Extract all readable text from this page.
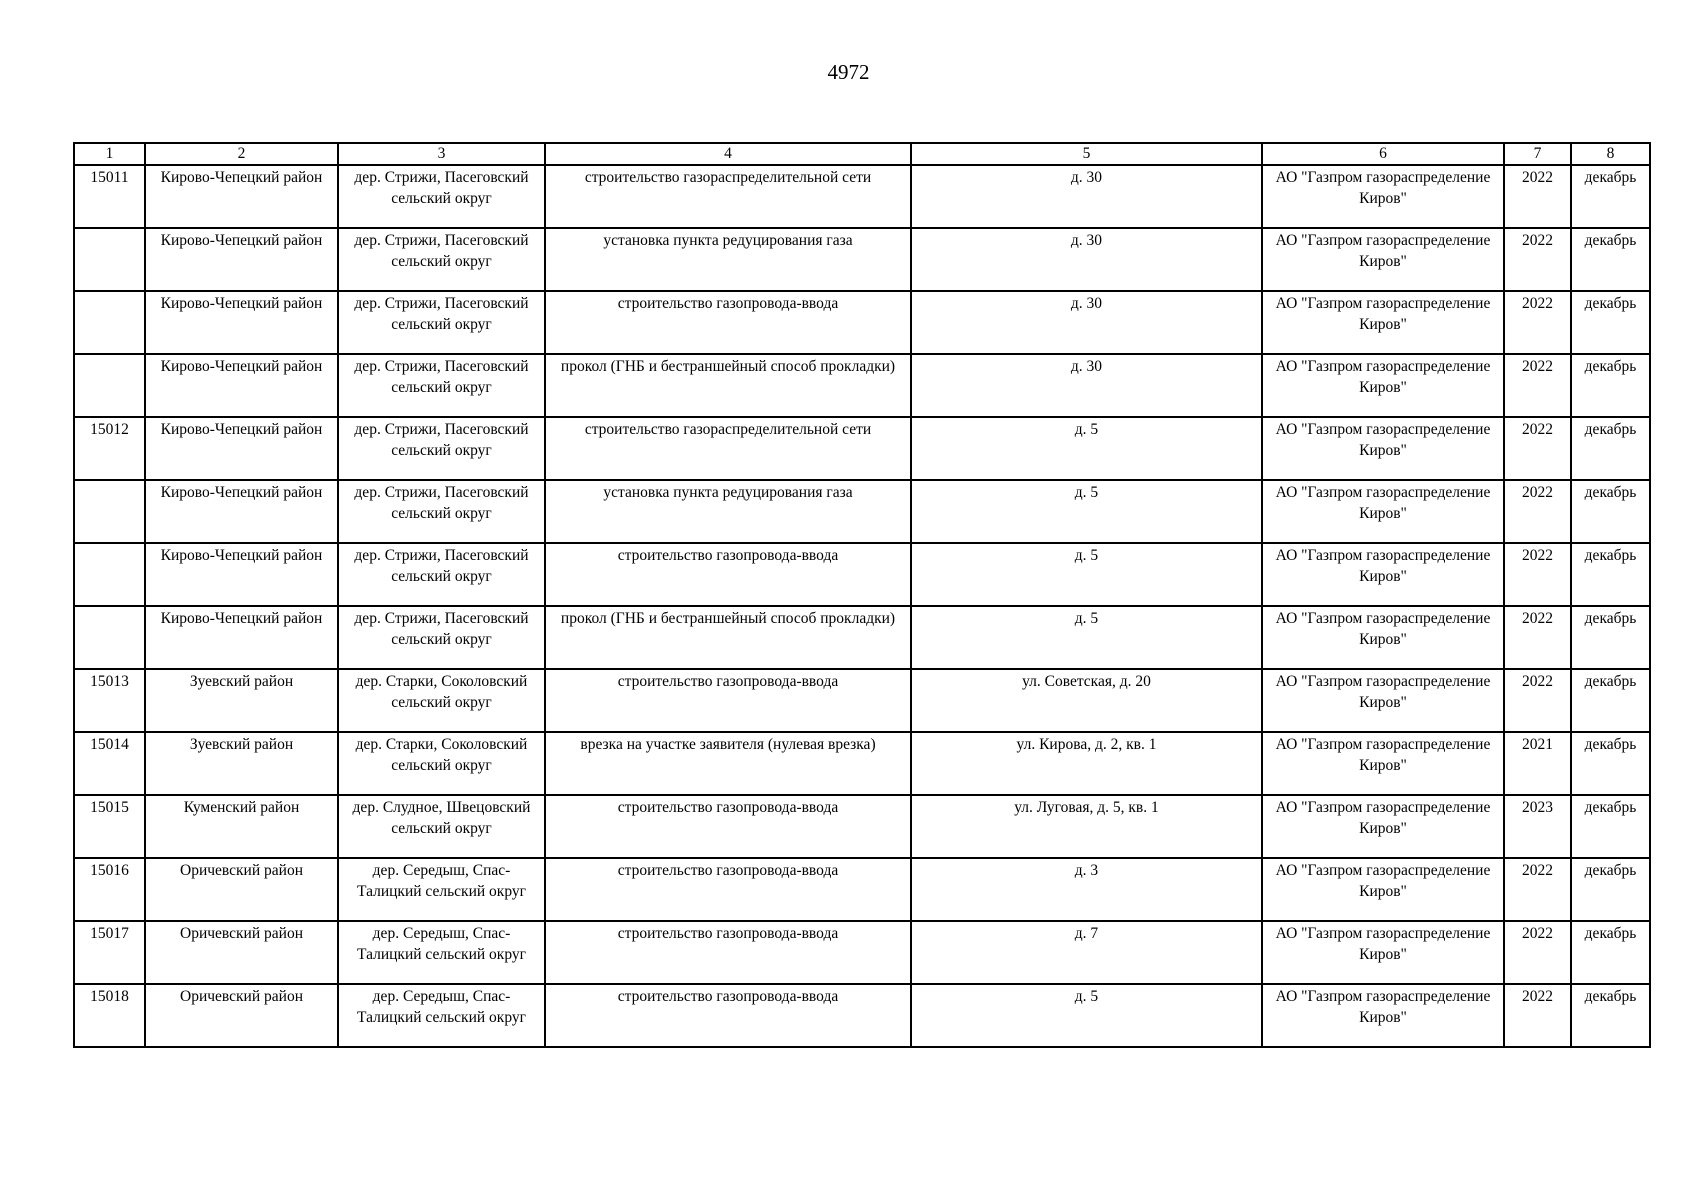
4972
1	2	3	4	5	6	7	8
15011	Кирово-Чепецкий район	дер. Стрижи, Пасеговский сельский округ	строительство газораспределительной сети	д. 30	АО "Газпром газораспределение Киров"	2022	декабрь
	Кирово-Чепецкий район	дер. Стрижи, Пасеговский сельский округ	установка пункта редуцирования газа	д. 30	АО "Газпром газораспределение Киров"	2022	декабрь
	Кирово-Чепецкий район	дер. Стрижи, Пасеговский сельский округ	строительство газопровода-ввода	д. 30	АО "Газпром газораспределение Киров"	2022	декабрь
	Кирово-Чепецкий район	дер. Стрижи, Пасеговский сельский округ	прокол (ГНБ и бестраншейный способ прокладки)	д. 30	АО "Газпром газораспределение Киров"	2022	декабрь
15012	Кирово-Чепецкий район	дер. Стрижи, Пасеговский сельский округ	строительство газораспределительной сети	д. 5	АО "Газпром газораспределение Киров"	2022	декабрь
	Кирово-Чепецкий район	дер. Стрижи, Пасеговский сельский округ	установка пункта редуцирования газа	д. 5	АО "Газпром газораспределение Киров"	2022	декабрь
	Кирово-Чепецкий район	дер. Стрижи, Пасеговский сельский округ	строительство газопровода-ввода	д. 5	АО "Газпром газораспределение Киров"	2022	декабрь
	Кирово-Чепецкий район	дер. Стрижи, Пасеговский сельский округ	прокол (ГНБ и бестраншейный способ прокладки)	д. 5	АО "Газпром газораспределение Киров"	2022	декабрь
15013	Зуевский район	дер. Старки, Соколовский сельский округ	строительство газопровода-ввода	ул. Советская, д. 20	АО "Газпром газораспределение Киров"	2022	декабрь
15014	Зуевский район	дер. Старки, Соколовский сельский округ	врезка на участке заявителя (нулевая врезка)	ул. Кирова, д. 2, кв. 1	АО "Газпром газораспределение Киров"	2021	декабрь
15015	Куменский район	дер. Слудное, Швецовский сельский округ	строительство газопровода-ввода	ул. Луговая, д. 5, кв. 1	АО "Газпром газораспределение Киров"	2023	декабрь
15016	Оричевский район	дер. Середыш, Спас-Талицкий сельский округ	строительство газопровода-ввода	д. 3	АО "Газпром газораспределение Киров"	2022	декабрь
15017	Оричевский район	дер. Середыш, Спас-Талицкий сельский округ	строительство газопровода-ввода	д. 7	АО "Газпром газораспределение Киров"	2022	декабрь
15018	Оричевский район	дер. Середыш, Спас-Талицкий сельский округ	строительство газопровода-ввода	д. 5	АО "Газпром газораспределение Киров"	2022	декабрь
